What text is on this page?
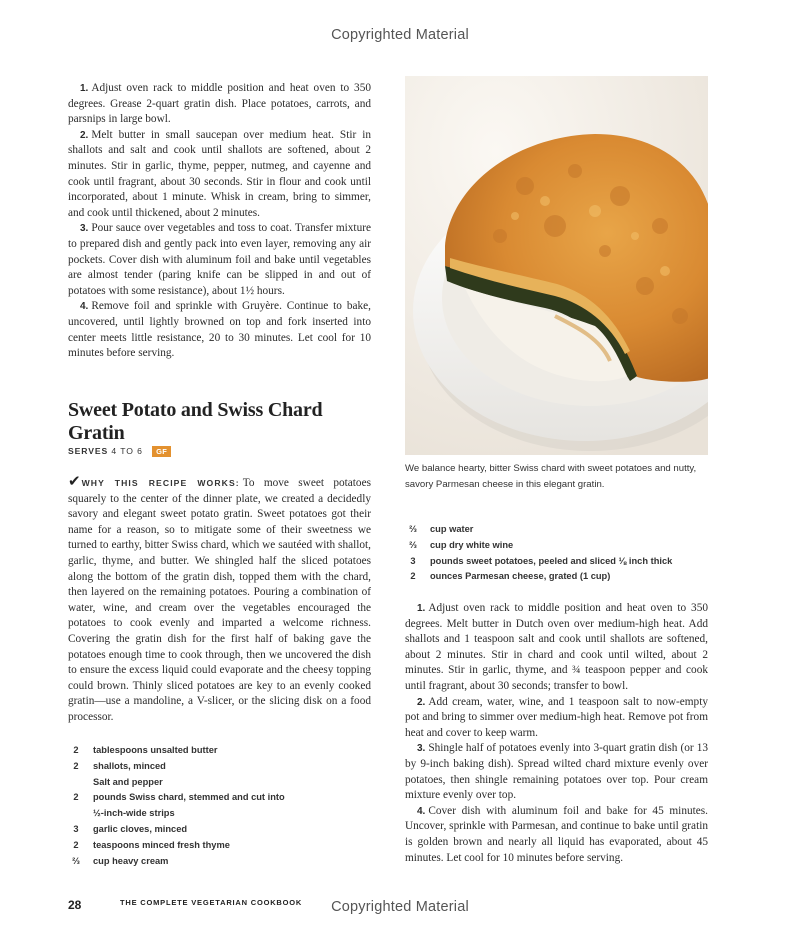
Copyrighted Material

1. Adjust oven rack to middle position and heat oven to 350 degrees. Grease 2-quart gratin dish. Place potatoes, carrots, and parsnips in large bowl.

2. Melt butter in small saucepan over medium heat. Stir in shallots and salt and cook until shallots are softened, about 2 minutes. Stir in garlic, thyme, pepper, nutmeg, and cayenne and cook until fragrant, about 30 seconds. Stir in flour and cook until incorporated, about 1 minute. Whisk in cream, bring to simmer, and cook until thickened, about 2 minutes.

3. Pour sauce over vegetables and toss to coat. Transfer mixture to prepared dish and gently pack into even layer, removing any air pockets. Cover dish with aluminum foil and bake until vegetables are almost tender (paring knife can be slipped in and out of potatoes with some resistance), about 1½ hours.

4. Remove foil and sprinkle with Gruyère. Continue to bake, uncovered, until lightly browned on top and fork inserted into center meets little resistance, 20 to 30 minutes. Let cool for 10 minutes before serving.

Sweet Potato and Swiss Chard Gratin
SERVES 4 TO 6 GF

✔WHY THIS RECIPE WORKS: To move sweet potatoes squarely to the center of the dinner plate, we created a decidedly savory and elegant sweet potato gratin. Sweet potatoes got their name for a reason, so to mitigate some of their sweetness we turned to earthy, bitter Swiss chard, which we sautéed with shallot, garlic, thyme, and butter. We shingled half the sliced potatoes along the bottom of the gratin dish, topped them with the chard, then layered on the remaining potatoes. Pouring a combination of water, wine, and cream over the vegetables encouraged the potatoes to cook evenly and imparted a welcome richness. Covering the gratin dish for the first half of baking gave the potatoes enough time to cook through, then we uncovered the dish to ensure the excess liquid could evaporate and the cheesy topping could brown. Thinly sliced potatoes are key to an evenly cooked gratin—use a mandoline, a V-slicer, or the slicing disk on a food processor.

2	tablespoons unsalted butter
2	shallots, minced
Salt and pepper
2	pounds Swiss chard, stemmed and cut into
½-inch-wide strips
3	garlic cloves, minced
2	teaspoons minced fresh thyme
⅔	cup heavy cream

We balance hearty, bitter Swiss chard with sweet potatoes and nutty, savory Parmesan cheese in this elegant gratin.

⅔	cup water
⅔	cup dry white wine
3	pounds sweet potatoes, peeled and sliced ⅛ inch thick
2	ounces Parmesan cheese, grated (1 cup)

1. Adjust oven rack to middle position and heat oven to 350 degrees. Melt butter in Dutch oven over medium-high heat. Add shallots and 1 teaspoon salt and cook until shallots are softened, about 2 minutes. Stir in chard and cook until wilted, about 2 minutes. Stir in garlic, thyme, and ¾ teaspoon pepper and cook until fragrant, about 30 seconds; transfer to bowl.

2. Add cream, water, wine, and 1 teaspoon salt to now-empty pot and bring to simmer over medium-high heat. Remove pot from heat and cover to keep warm.

3. Shingle half of potatoes evenly into 3-quart gratin dish (or 13 by 9-inch baking dish). Spread wilted chard mixture evenly over potatoes, then shingle remaining potatoes over top. Pour cream mixture evenly over top.

4. Cover dish with aluminum foil and bake for 45 minutes. Uncover, sprinkle with Parmesan, and continue to bake until gratin is golden brown and nearly all liquid has evaporated, about 45 minutes. Let cool for 10 minutes before serving.

28	THE COMPLETE VEGETARIAN COOKBOOK	Copyrighted Material
